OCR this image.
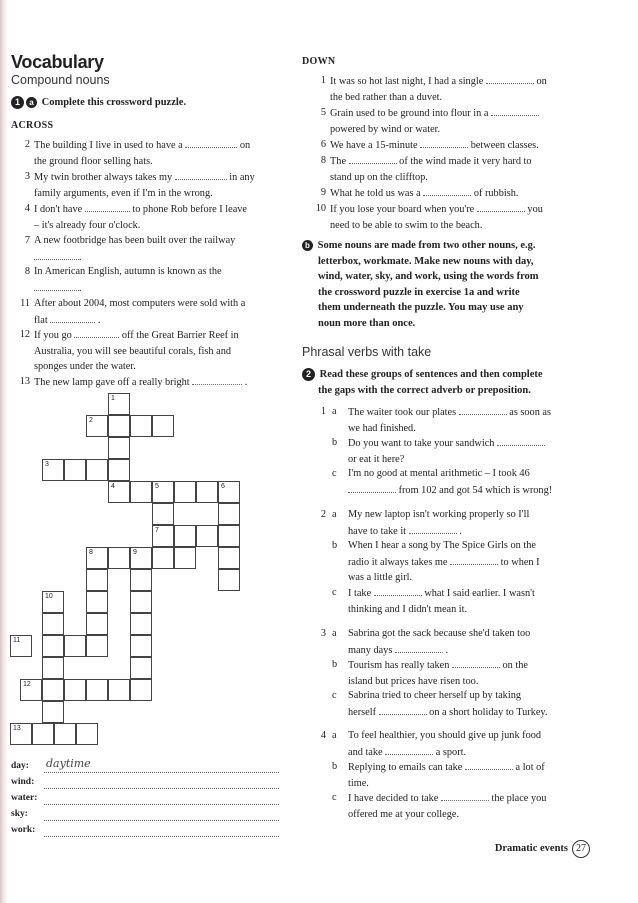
Vocabulary
Compound nouns
1 a Complete this crossword puzzle.
ACROSS
2 The building I live in used to have a	on
the ground floor selling hats.
3 My twin brother always takes my	in any
family arguments, even if I'm in the wrong.
4 I don't have	to phone Rob before I leave
– it's already four o'clock.
7 A new footbridge has been built over the railway
.
8 In American English, autumn is known as the
.
11 After about 2004, most computers were sold with a
flat	.
12 If you go	off the Great Barrier Reef in
Australia, you will see beautiful corals, fish and
sponges under the water.
13 The new lamp gave off a really bright	.
1
4
2
3
5	6
7
8	9
10
11
12
13
day: daytime
wind:
water:
sky:
work:
DOWN
1 It was so hot last night, I had a single	on
the bed rather than a duvet.
5 Grain used to be ground into flour in a
powered by wind or water.
6 We have a 15-minute	between classes.
8 The	of the wind made it very hard to
stand up on the clifftop.
9 What he told us was a	of rubbish.
10 If you lose your board when you're	you
need to be able to swim to the beach.
b Some nouns are made from two other nouns, e.g.
letterbox, workmate. Make new nouns with day,
wind, water, sky, and work, using the words from
the crossword puzzle in exercise 1a and write
them underneath the puzzle. You may use any
noun more than once.
Phrasal verbs with take
2 Read these groups of sentences and then complete
the gaps with the correct adverb or preposition.
1 a	The waiter took our plates	as soon as
we had finished.
b	Do you want to take your sandwich
or eat it here?
c	I'm no good at mental arithmetic – I took 46
from 102 and got 54 which is wrong!
2 a	My new laptop isn't working properly so I'll
have to take it	.
b	When I hear a song by The Spice Girls on the
radio it always takes me	to when I
was a little girl.
c	I take	what I said earlier. I wasn't
thinking and I didn't mean it.
3 a	Sabrina got the sack because she'd taken too
many days	.
b	Tourism has really taken	on the
island but prices have risen too.
c	Sabrina tried to cheer herself up by taking
herself	on a short holiday to Turkey.
4 a	To feel healthier, you should give up junk food
and take	a sport.
b	Replying to emails can take	a lot of
time.
c	I have decided to take	the place you
offered me at your college.
Dramatic events 27
